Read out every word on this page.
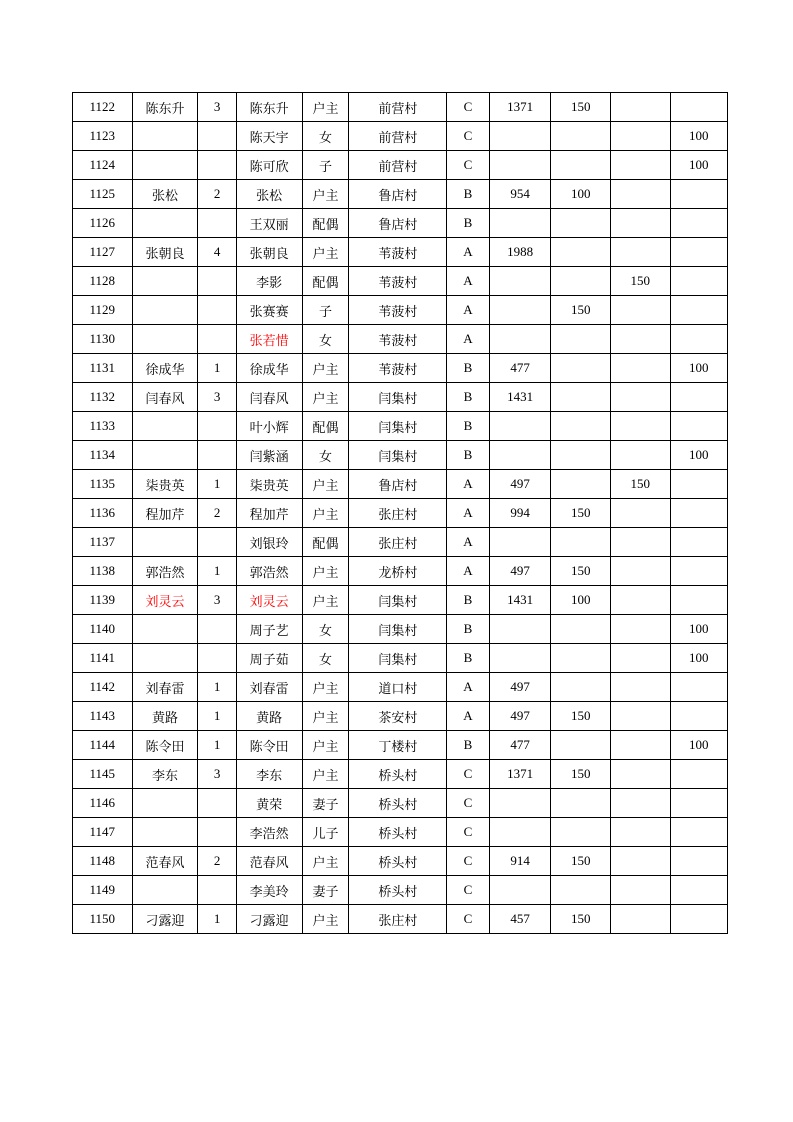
1122	陈东升	3	陈东升	户主	前营村	C	1371	150		
1123			陈天宇	女	前营村	C				100
1124			陈可欣	子	前营村	C				100
1125	张松	2	张松	户主	鲁店村	B	954	100		
1126			王双丽	配偶	鲁店村	B				
1127	张朝良	4	张朝良	户主	苇菠村	A	1988			
1128			李影	配偶	苇菠村	A			150	
1129			张赛赛	子	苇菠村	A		150		
1130			张若惜	女	苇菠村	A				
1131	徐成华	1	徐成华	户主	苇菠村	B	477			100
1132	闫春风	3	闫春风	户主	闫集村	B	1431			
1133			叶小辉	配偶	闫集村	B				
1134			闫紫涵	女	闫集村	B				100
1135	柒贵英	1	柒贵英	户主	鲁店村	A	497		150	
1136	程加芹	2	程加芹	户主	张庄村	A	994	150		
1137			刘银玲	配偶	张庄村	A				
1138	郭浩然	1	郭浩然	户主	龙桥村	A	497	150		
1139	刘灵云	3	刘灵云	户主	闫集村	B	1431	100		
1140			周子艺	女	闫集村	B				100
1141			周子茹	女	闫集村	B				100
1142	刘春雷	1	刘春雷	户主	道口村	A	497			
1143	黄路	1	黄路	户主	茶安村	A	497	150		
1144	陈令田	1	陈令田	户主	丁楼村	B	477			100
1145	李东	3	李东	户主	桥头村	C	1371	150		
1146			黄荣	妻子	桥头村	C				
1147			李浩然	儿子	桥头村	C				
1148	范春风	2	范春风	户主	桥头村	C	914	150		
1149			李美玲	妻子	桥头村	C				
1150	刁露迎	1	刁露迎	户主	张庄村	C	457	150		
